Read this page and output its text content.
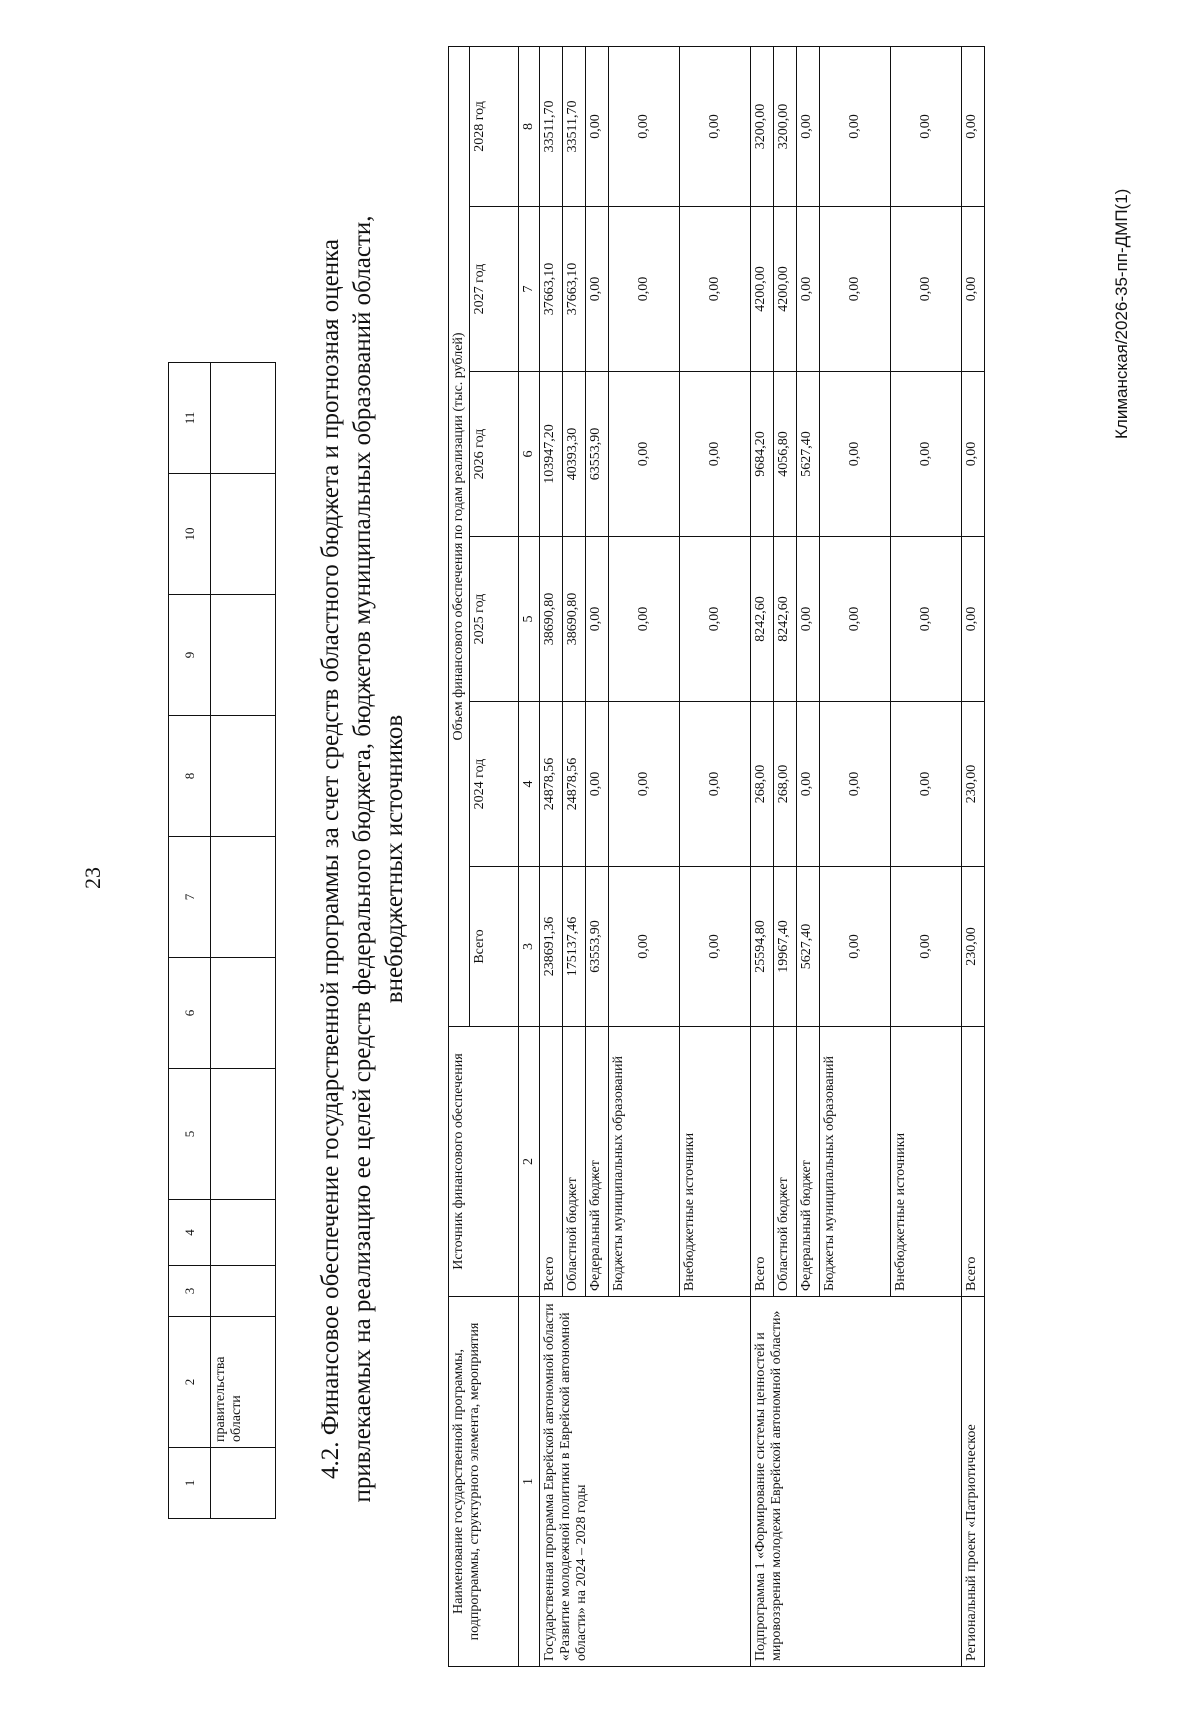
23
1	2	3	4	5	6	7	8	9	10	11
	правительства области										4.2. Финансовое обеспечение государственной программы за счет средств областного бюджета и прогнозная оценка привлекаемых на реализацию ее целей средств федерального бюджета, бюджетов муниципальных образований области, внебюджетных источников
Наименование государственной программы, подпрограммы, структурного элемента, мероприятия	Источник финансового обеспечения	Объем финансового обеспечения по годам реализации (тыс. рублей)					
		Всего	2024 год	2025 год	2026 год	2027 год	2028 год
1	2	3	4	5	6	7	8
Государственная программа Еврейской автономной области «Развитие молодежной политики в Еврейской автономной области» на 2024 – 2028 годы	Всего	238691,36	24878,56	38690,80	103947,20	37663,10	33511,70
	Областной бюджет	175137,46	24878,56	38690,80	40393,30	37663,10	33511,70
	Федеральный бюджет	63553,90	0,00	0,00	63553,90	0,00	0,00
	Бюджеты муниципальных образований	0,00	0,00	0,00	0,00	0,00	0,00
	Внебюджетные источники	0,00	0,00	0,00	0,00	0,00	0,00
Подпрограмма 1 «Формирование системы ценностей и мировоззрения молодежи Еврейской автономной области»	Всего	25594,80	268,00	8242,60	9684,20	4200,00	3200,00
	Областной бюджет	19967,40	268,00	8242,60	4056,80	4200,00	3200,00
	Федеральный бюджет	5627,40	0,00	0,00	5627,40	0,00	0,00
	Бюджеты муниципальных образований	0,00	0,00	0,00	0,00	0,00	0,00
	Внебюджетные источники	0,00	0,00	0,00	0,00	0,00	0,00
Региональный проект «Патриотическое	Всего	230,00	230,00	0,00	0,00	0,00	0,00
Климанская/2026-35-пп-ДМП(1)
